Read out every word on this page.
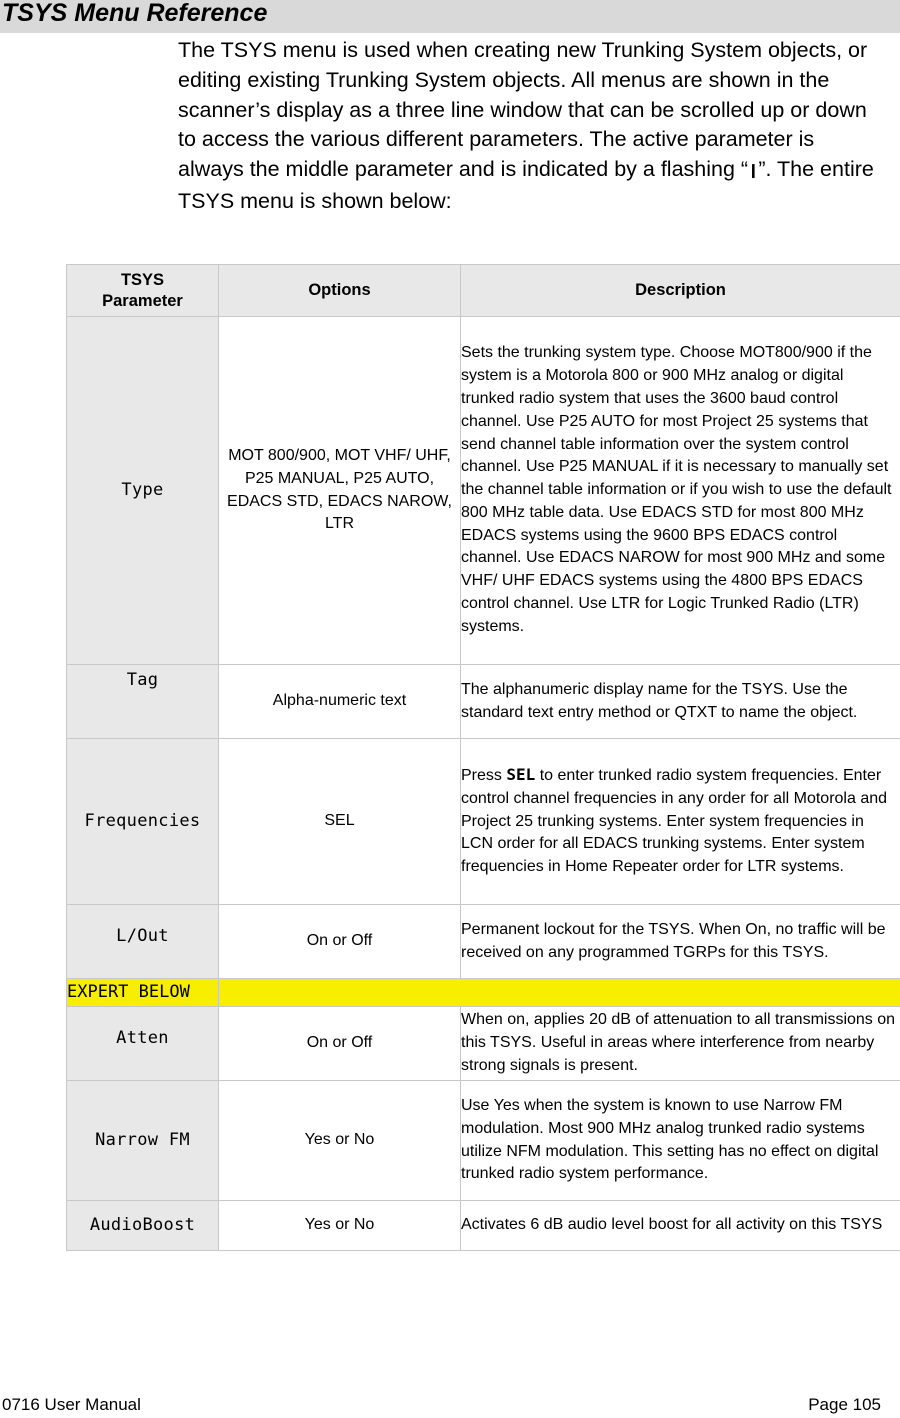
TSYS Menu Reference
The TSYS menu is used when creating new Trunking System objects, or editing existing Trunking System objects. All menus are shown in the scanner’s display as a three line window that can be scrolled up or down to access the various different parameters. The active parameter is always the middle parameter and is indicated by a flashing “❙”. The entire TSYS menu is shown below:
TSYS Parameter	Options	Description
Type	MOT 800/900, MOT VHF/ UHF, P25 MANUAL, P25 AUTO, EDACS STD, EDACS NAROW, LTR	Sets the trunking system type. Choose MOT800/900 if the system is a Motorola 800 or 900 MHz analog or digital trunked radio system that uses the 3600 baud control channel. Use P25 AUTO for most Project 25 systems that send channel table information over the system control channel. Use P25 MANUAL if it is necessary to manually set the channel table information or if you wish to use the default 800 MHz table data. Use EDACS STD for most 800 MHz EDACS systems using the 9600 BPS EDACS control channel. Use EDACS NAROW for most 900 MHz and some VHF/ UHF EDACS systems using the 4800 BPS EDACS control channel. Use LTR for Logic Trunked Radio (LTR) systems.
Tag	Alpha-numeric text	The alphanumeric display name for the TSYS. Use the standard text entry method or QTXT to name the object.
Frequencies	SEL	Press SEL to enter trunked radio system frequencies. Enter control channel frequencies in any order for all Motorola and Project 25 trunking systems. Enter system frequencies in LCN order for all EDACS trunking systems. Enter system frequencies in Home Repeater order for LTR systems.
L/Out	On or Off	Permanent lockout for the TSYS. When On, no traffic will be received on any programmed TGRPs for this TSYS.
EXPERT BELOW		
Atten	On or Off	When on, applies 20 dB of attenuation to all transmissions on this TSYS. Useful in areas where interference from nearby strong signals is present.
Narrow FM	Yes or No	Use Yes when the system is known to use Narrow FM modulation. Most 900 MHz analog trunked radio systems utilize NFM modulation. This setting has no effect on digital trunked radio system performance.
AudioBoost	Yes or No	Activates 6 dB audio level boost for all activity on this TSYS
0716 User Manual	Page 105
